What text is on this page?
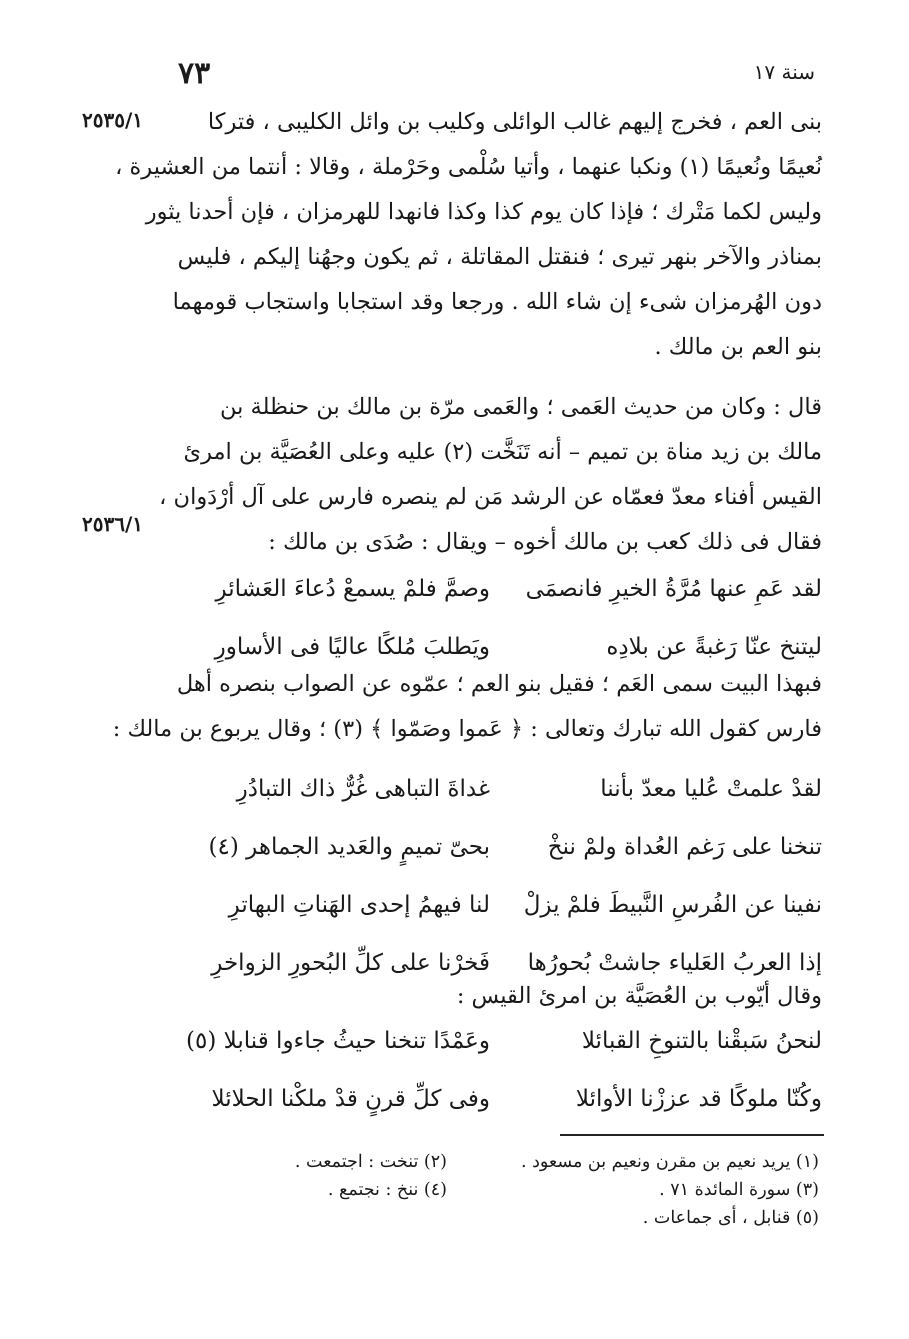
٧٣	سنة ١٧
٢٥٣٥/١
٢٥٣٦/١
بنى العم ، فخرج إليهم غالب الوائلى وكليب بن وائل الكليبى ، فتركا
نُعيمًا ونُعيمًا (١) ونكبا عنهما ، وأتيا سُلْمى وحَرْملة ، وقالا : أنتما من العشيرة ،
وليس لكما مَتْرك ؛ فإذا كان يوم كذا وكذا فانهدا للهرمزان ، فإن أحدنا يثور
بمناذر والآخر بنهر تيرى ؛ فنقتل المقاتلة ، ثم يكون وجهُنا إليكم ، فليس
دون الهُرمزان شىء إن شاء الله . ورجعا وقد استجابا واستجاب قومهما
بنو العم بن مالك .
قال : وكان من حديث العَمى ؛ والعَمى مرّة بن مالك بن حنظلة بن
مالك بن زيد مناة بن تميم – أنه تَنَخَّت (٢) عليه وعلى العُصَيَّة بن امرئ
القيس أفناء معدّ فعمّاه عن الرشد مَن لم ينصره فارس على آل أرْدَوان ،
فقال فى ذلك كعب بن مالك أخوه – ويقال : صُدَى بن مالك :
لقد عَمِ عنها مُرَّةُ الخيرِ فانصمَى
وصمَّ فلمْ يسمعْ دُعاءَ العَشائرِ
ليتنخ عنّا رَغبةً عن بلادِه
ويَطلبَ مُلكًا عاليًا فى الأساورِ
فبهذا البيت سمى العَم ؛ فقيل بنو العم ؛ عمّوه عن الصواب بنصره أهل
فارس كقول الله تبارك وتعالى : ﴿ عَموا وصَمّوا ﴾ (٣) ؛ وقال يربوع بن مالك :
لقدْ علمتْ عُليا معدّ بأننا
غداةَ التباهى غُرٌّ ذاك التبادُرِ
تنخنا على رَغم العُداة ولمْ ننخْ
بحىّ تميمٍ والعَديد الجماهر (٤)
نفينا عن الفُرسِ النَّبيطَ فلمْ يزلْ
لنا فيهمُ إحدى الهَناتِ البهاترِ
إذا العربُ العَلياء جاشتْ بُحورُها
فَخرْنا على كلِّ البُحورِ الزواخرِ
وقال أيّوب بن العُصَيَّة بن امرئ القيس :
لنحنُ سَبقْنا بالتنوخِ القبائلا
وعَمْدًا تنخنا حيثُ جاءوا قنابلا (٥)
وكُنّا ملوكًا قد عززْنا الأوائلا
وفى كلِّ قرنٍ قدْ ملكْنا الحلائلا
(١) يريد نعيم بن مقرن ونعيم بن مسعود .
(٢) تنخت : اجتمعت .
(٣) سورة المائدة ٧١ .
(٤) ننخ : نجتمع .
(٥) قنابل ، أى جماعات .
